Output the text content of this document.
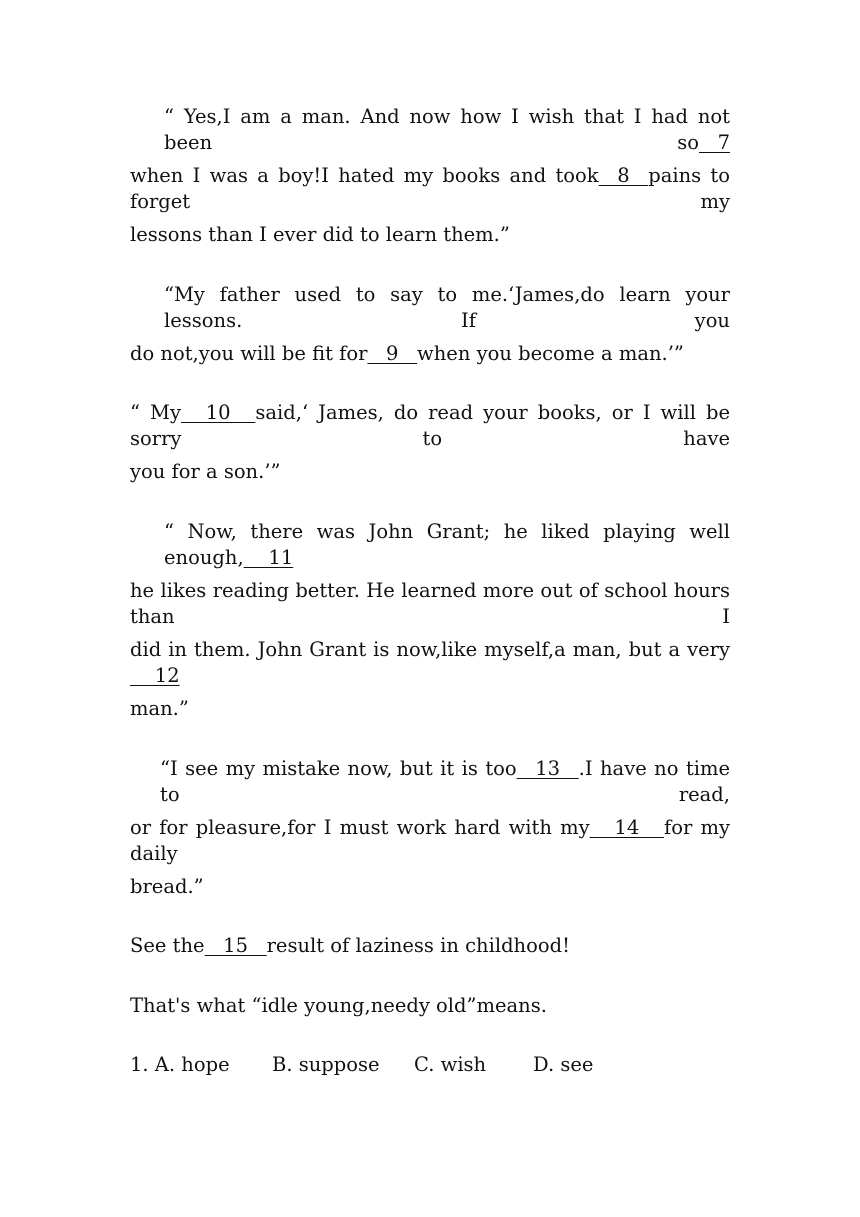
“ Yes,I am a man. And now how I wish that I had not been so   7
when I was a boy!I hated my books and took   8   pains to forget my
lessons than I ever did to learn them.”
“My father used to say to me.‘James,do learn your lessons. If you
do not,you will be fit for   9   when you become a man.’”
“ My    10    said,‘ James, do read your books, or I will be sorry to have
you for a son.’”
“ Now, there was John Grant; he liked playing well enough,    11
he likes reading better. He learned more out of school hours than I
did in them. John Grant is now,like myself,a man, but a very    12
man.”
“I see my mistake now, but it is too   13   .I have no time to read,
or for pleasure,for I must work hard with my    14    for my daily
bread.”
See the   15   result of laziness in childhood!
That's what “idle young,needy old”means.
1. A. hope B. suppose C. wish D. see
